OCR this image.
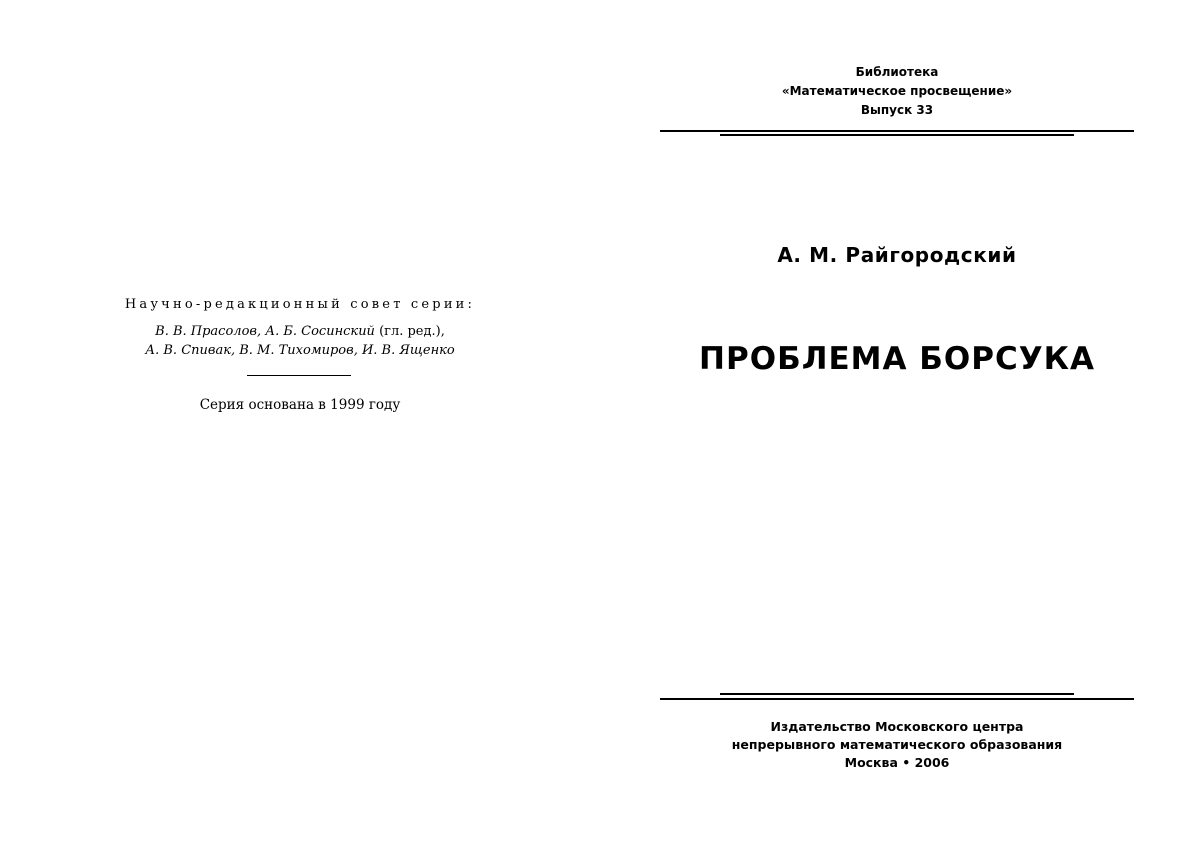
Научно-редакционный совет серии:
В. В. Прасолов, А. Б. Сосинский (гл. ред.),
А. В. Спивак, В. М. Тихомиров, И. В. Ященко
Серия основана в 1999 году
Библиотека
«Математическое просвещение»
Выпуск 33
А. М. Райгородский
ПРОБЛЕМА БОРСУКА
Издательство Московского центра
непрерывного математического образования
Москва • 2006
